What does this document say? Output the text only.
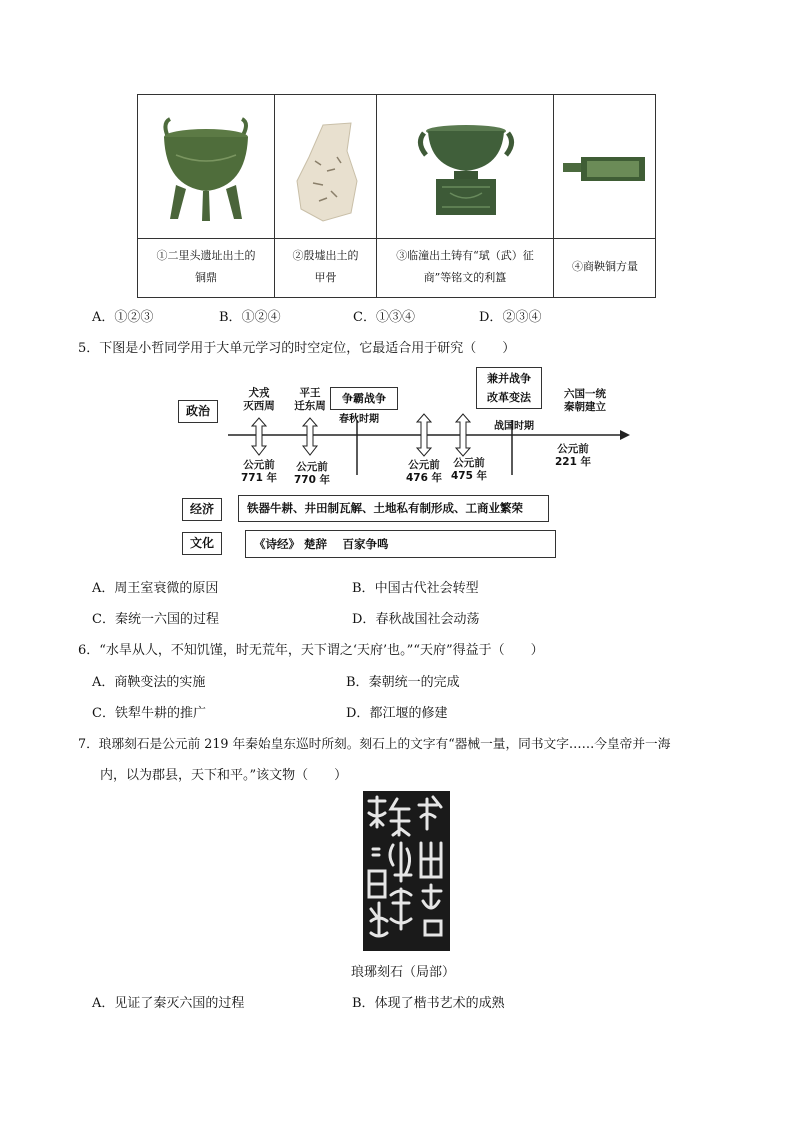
①二里头遗址出土的
铜鼎
②殷墟出土的
甲骨
③临潼出土铸有“珷（武）征
商”等铭文的利簋
④商鞅铜方量
A．①②③	B．①②④	C．①③④	D．②③④
5．下图是小哲同学用于大单元学习的时空定位，它最适合用于研究（　　）
政治
经济
文化
犬戎
灭西周
平王
迁东周
争霸战争
兼并战争
改革变法	六国一统
秦朝建立
春秋时期
战国时期
公元前
771 年
公元前
770 年
公元前
476 年
公元前
475 年
公元前
221 年
铁器牛耕、井田制瓦解、土地私有制形成、工商业繁荣
《诗经》 楚辞　 百家争鸣
A．周王室衰微的原因	B．中国古代社会转型
C．秦统一六国的过程	D．春秋战国社会动荡
6．“水旱从人，不知饥馑，时无荒年，天下谓之‘天府’也。”“天府”得益于（　　）
A．商鞅变法的实施	B．秦朝统一的完成
C．铁犁牛耕的推广	D．都江堰的修建
7．琅琊刻石是公元前 219 年秦始皇东巡时所刻。刻石上的文字有“器械一量，同书文字……今皇帝并一海
内，以为郡县，天下和平。”该文物（　　）
琅琊刻石（局部）
A．见证了秦灭六国的过程	B．体现了楷书艺术的成熟
